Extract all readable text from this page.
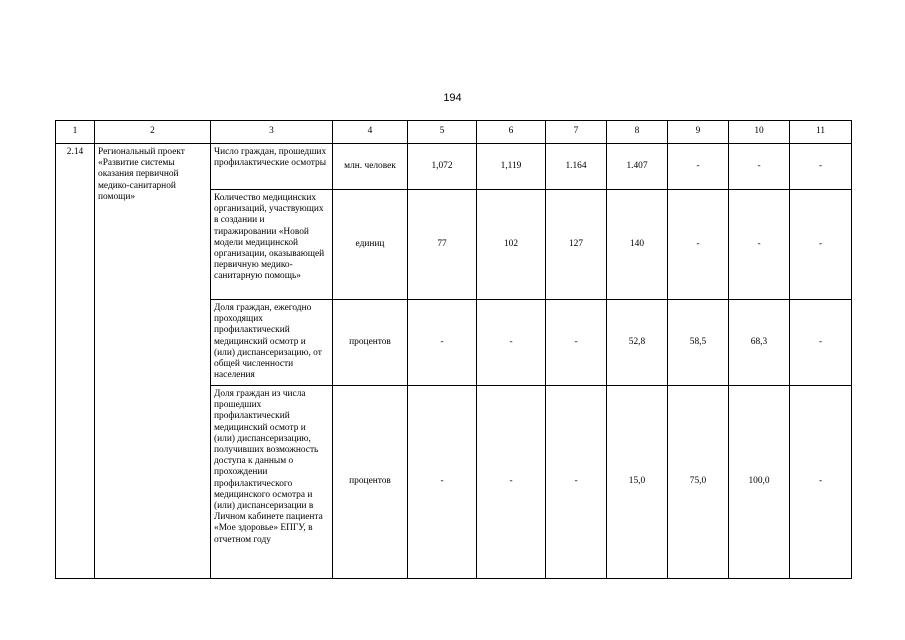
194
1	2	3	4	5	6	7	8	9	10	11
2.14	Региональный проект «Развитие системы оказания первичной медико-санитарной помощи»	Число граждан, прошедших профилактические осмотры	млн. человек	1,072	1,119	1.164	1.407	-	-	-
		Количество медицинских организаций, участвующих в создании и тиражировании «Новой модели медицинской организации, оказывающей первичную медико-санитарную помощь»	единиц	77	102	127	140	-	-	-
		Доля граждан, ежегодно проходящих профилактический медицинский осмотр и (или) диспансеризацию, от общей численности населения	процентов	-	-	-	52,8	58,5	68,3	-
		Доля граждан из числа прошедших профилактический медицинский осмотр и (или) диспансеризацию, получивших возможность доступа к данным о прохождении профилактического медицинского осмотра и (или) диспансеризации в Личном кабинете пациента «Мое здоровье» ЕПГУ, в отчетном году	процентов	-	-	-	15,0	75,0	100,0	-
